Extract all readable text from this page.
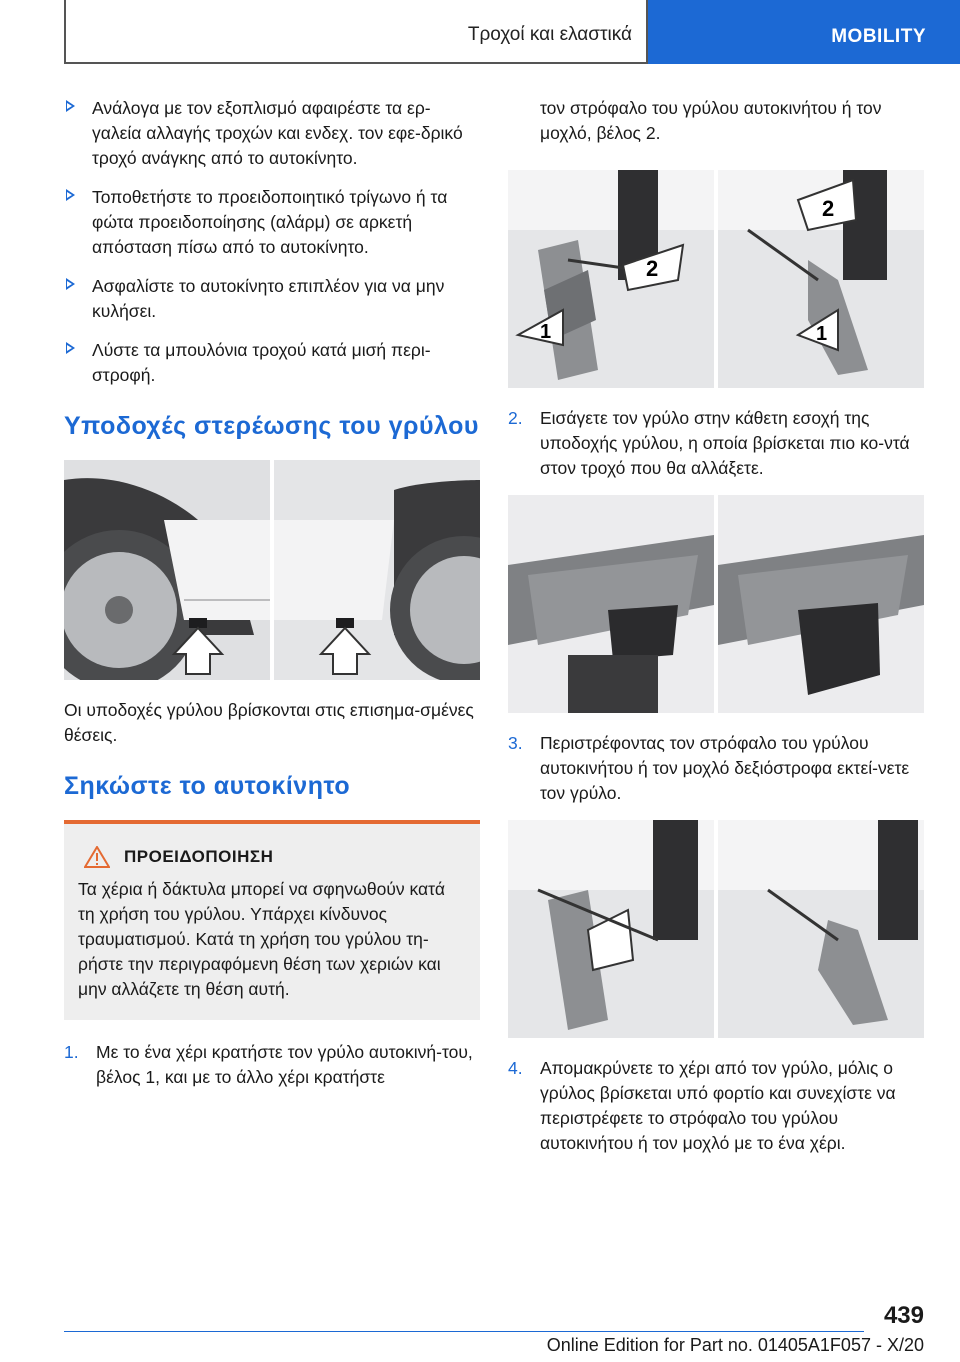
Τροχοί και ελαστικά	MOBILITY
Ανάλογα με τον εξοπλισμό αφαιρέστε τα ερ‐γαλεία αλλαγής τροχών και ενδεχ. τον εφε‐δρικό τροχό ανάγκης από το αυτοκίνητο.
Τοποθετήστε το προειδοποιητικό τρίγωνο ή τα φώτα προειδοποίησης (αλάρμ) σε αρκετή απόσταση πίσω από το αυτοκίνητο.
Ασφαλίστε το αυτοκίνητο επιπλέον για να μην κυλήσει.
Λύστε τα μπουλόνια τροχού κατά μισή περι‐στροφή.
Υποδοχές στερέωσης του γρύλου

Οι υποδοχές γρύλου βρίσκονται στις επισημα‐σμένες θέσεις.

Σηκώστε το αυτοκίνητο
ΠΡΟΕΙΔΟΠΟΙΗΣΗ
Τα χέρια ή δάκτυλα μπορεί να σφηνωθούν κατά τη χρήση του γρύλου. Υπάρχει κίνδυνος τραυματισμού. Κατά τη χρήση του γρύλου τη‐ρήστε την περιγραφόμενη θέση των χεριών και μην αλλάζετε τη θέση αυτή.
1. Με το ένα χέρι κρατήστε τον γρύλο αυτοκινή‐του, βέλος 1, και με το άλλο χέρι κρατήστε

τον στρόφαλο του γρύλου αυτοκινήτου ή τον μοχλό, βέλος 2.

2
2
1	1
2. Εισάγετε τον γρύλο στην κάθετη εσοχή της υποδοχής γρύλου, η οποία βρίσκεται πιο κο‐ντά στον τροχό που θα αλλάξετε.
3. Περιστρέφοντας τον στρόφαλο του γρύλου αυτοκινήτου ή τον μοχλό δεξιόστροφα εκτεί‐νετε τον γρύλο.
4. Απομακρύνετε το χέρι από τον γρύλο, μόλις ο γρύλος βρίσκεται υπό φορτίο και συνεχίστε να περιστρέφετε το στρόφαλο του γρύλου αυτοκινήτου ή τον μοχλό με το ένα χέρι.
439
Online Edition for Part no. 01405A1F057 - X/20
